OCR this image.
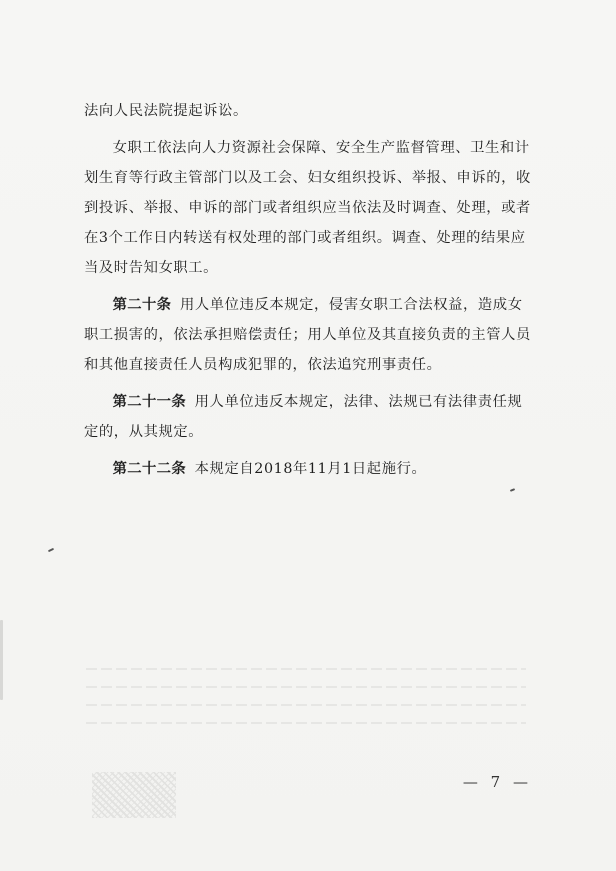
法向人民法院提起诉讼。

女职工依法向人力资源社会保障、安全生产监督管理、卫生和计划生育等行政主管部门以及工会、妇女组织投诉、举报、申诉的，收到投诉、举报、申诉的部门或者组织应当依法及时调查、处理，或者在3个工作日内转送有权处理的部门或者组织。调查、处理的结果应当及时告知女职工。

第二十条 用人单位违反本规定，侵害女职工合法权益，造成女职工损害的，依法承担赔偿责任；用人单位及其直接负责的主管人员和其他直接责任人员构成犯罪的，依法追究刑事责任。

第二十一条 用人单位违反本规定，法律、法规已有法律责任规定的，从其规定。

第二十二条 本规定自2018年11月1日起施行。

— 7 —
